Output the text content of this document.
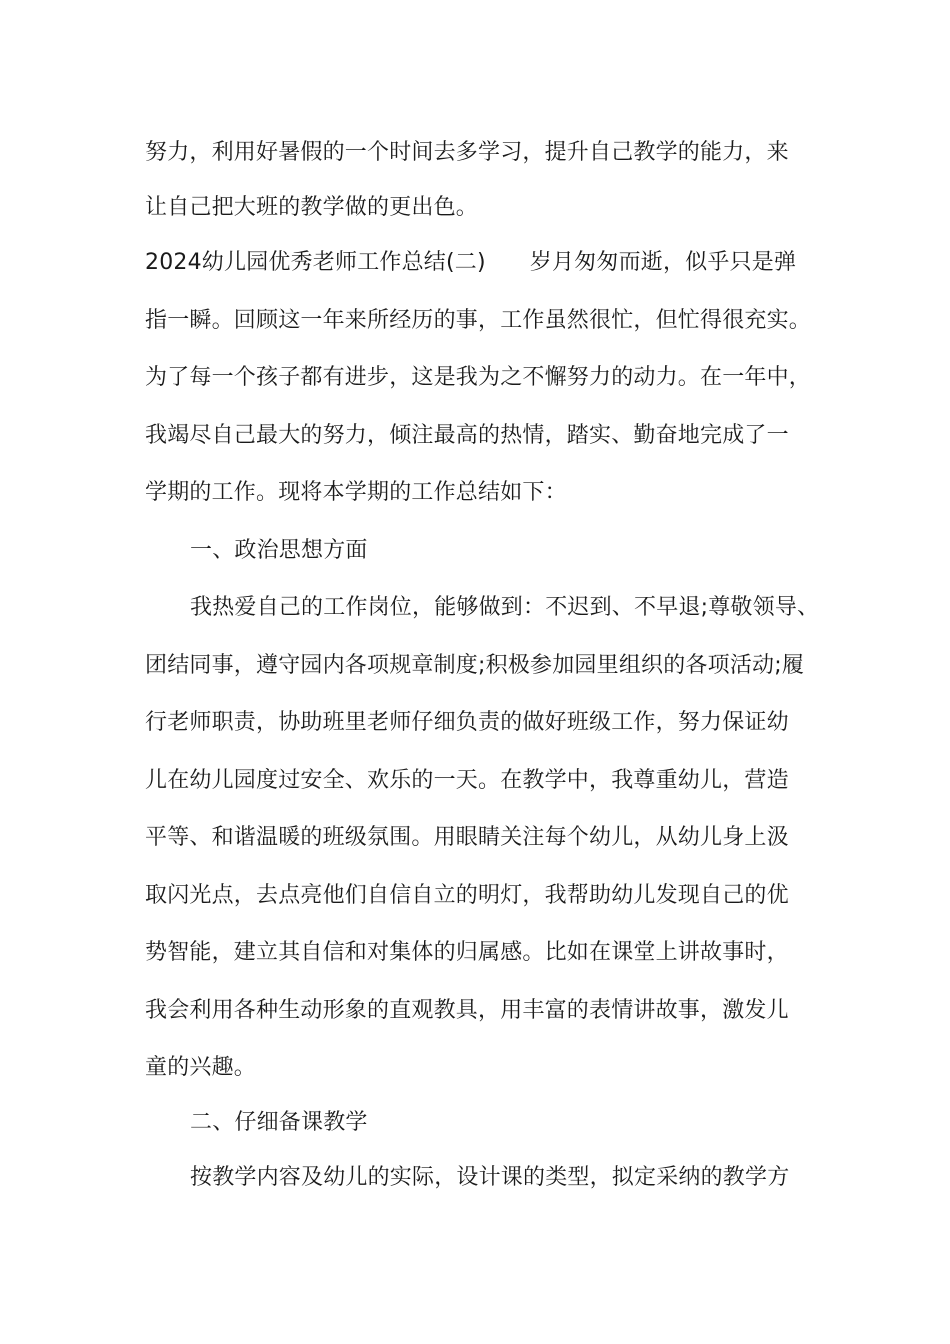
努力，利用好暑假的一个时间去多学习，提升自己教学的能力，来
让自己把大班的教学做的更出色。
2024幼儿园优秀老师工作总结(二) 岁月匆匆而逝，似乎只是弹
指一瞬。回顾这一年来所经历的事，工作虽然很忙，但忙得很充实。
为了每一个孩子都有进步，这是我为之不懈努力的动力。在一年中，
我竭尽自己最大的努力，倾注最高的热情，踏实、勤奋地完成了一
学期的工作。现将本学期的工作总结如下：
一、政治思想方面
我热爱自己的工作岗位，能够做到：不迟到、不早退;尊敬领导、
团结同事，遵守园内各项规章制度;积极参加园里组织的各项活动;履
行老师职责，协助班里老师仔细负责的做好班级工作，努力保证幼
儿在幼儿园度过安全、欢乐的一天。在教学中，我尊重幼儿，营造
平等、和谐温暖的班级氛围。用眼睛关注每个幼儿，从幼儿身上汲
取闪光点，去点亮他们自信自立的明灯，我帮助幼儿发现自己的优
势智能，建立其自信和对集体的归属感。比如在课堂上讲故事时，
我会利用各种生动形象的直观教具，用丰富的表情讲故事，激发儿
童的兴趣。
二、仔细备课教学
按教学内容及幼儿的实际，设计课的类型，拟定采纳的教学方
